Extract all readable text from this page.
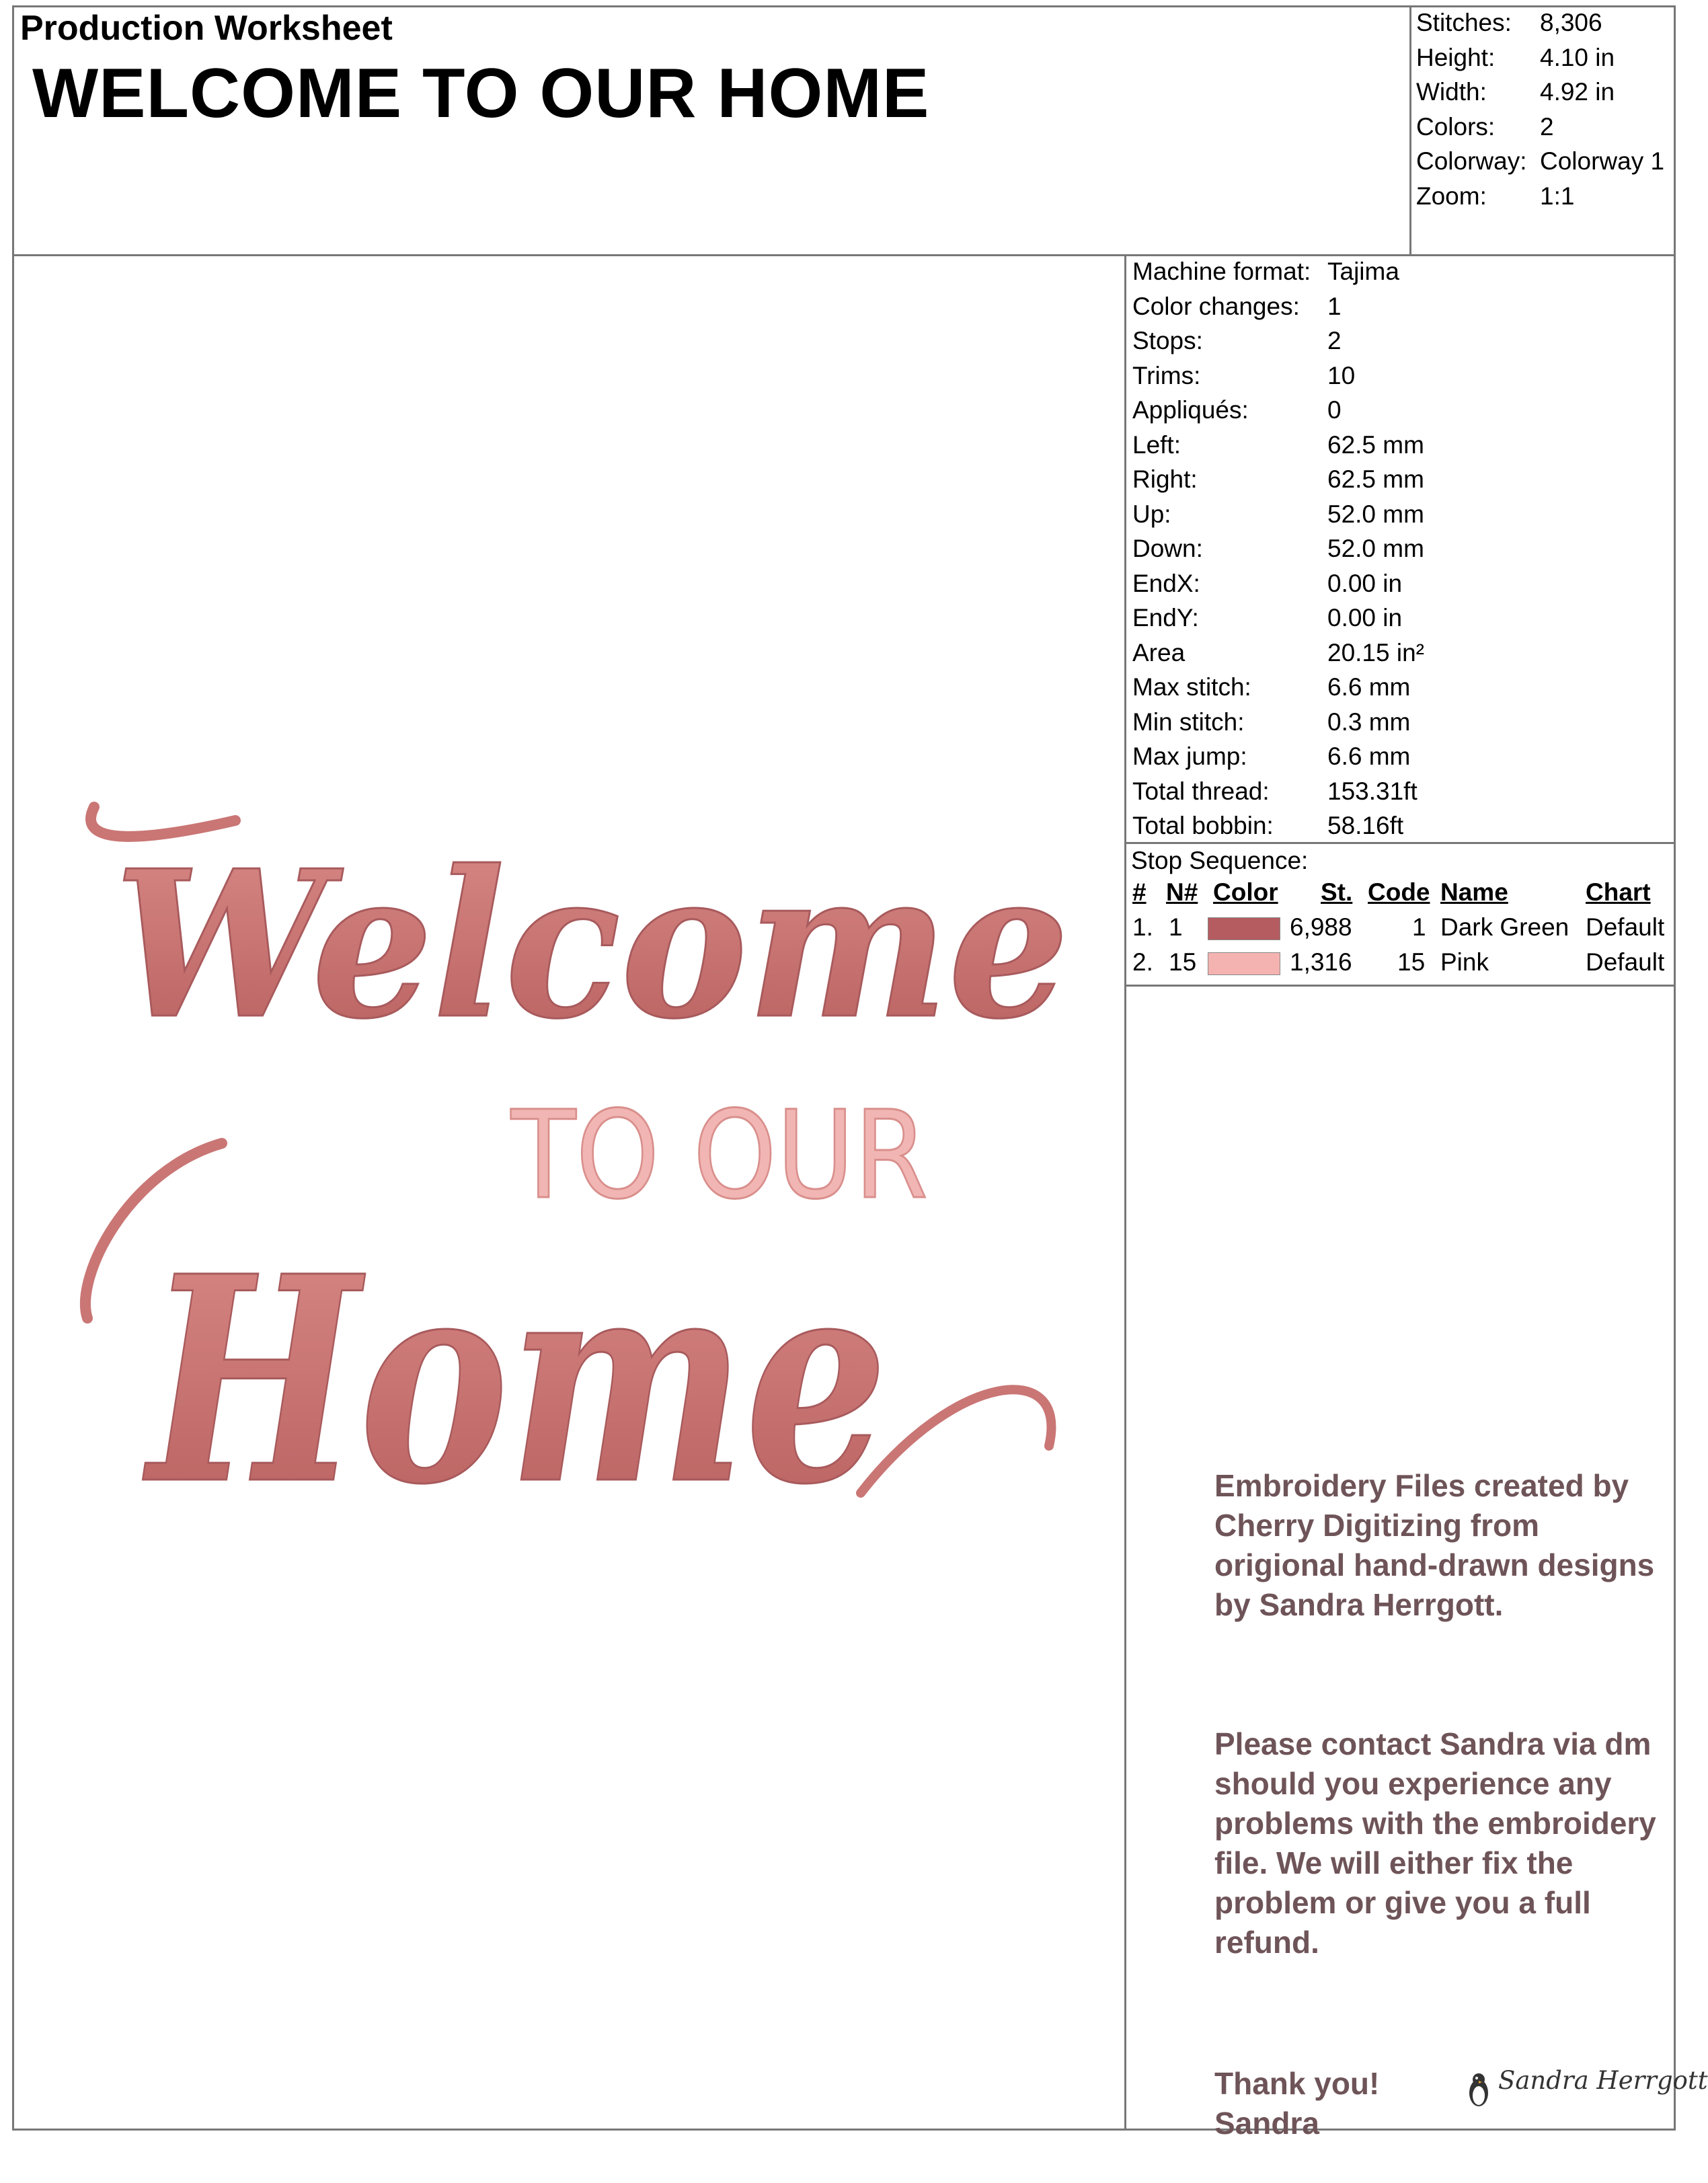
Production Worksheet
WELCOME TO OUR HOME
Stitches: 8,306
Height: 4.10 in
Width: 4.92 in
Colors: 2
Colorway: Colorway 1
Zoom: 1:1
Machine format: Tajima
Color changes: 1
Stops:	2
Trims:	10
Appliqués:	0
Left:	62.5 mm
Right:	62.5 mm
Up:	52.0 mm
Down:	52.0 mm
EndX:	0.00 in
EndY:	0.00 in
Area	20.15 in²
Max stitch:	6.6 mm
Min stitch:	0.3 mm
Max jump:	6.6 mm
Total thread: 153.31ft
Total bobbin: 58.16ft
Stop Sequence:
# N# Color St. Code Name	Chart
1. 1	6,988 1 Dark Green Default
2. 15	1,316 15 Pink	Default
Welcome
TO OUR
Home	Embroidery Files created by Cherry Digitizing from origional hand-drawn designs by Sandra Herrgott.

Please contact Sandra via dm should you experience any problems with the embroidery file. We will either fix the problem or give you a full refund.

Thank you!
Sandra

Sandra Herrgott
